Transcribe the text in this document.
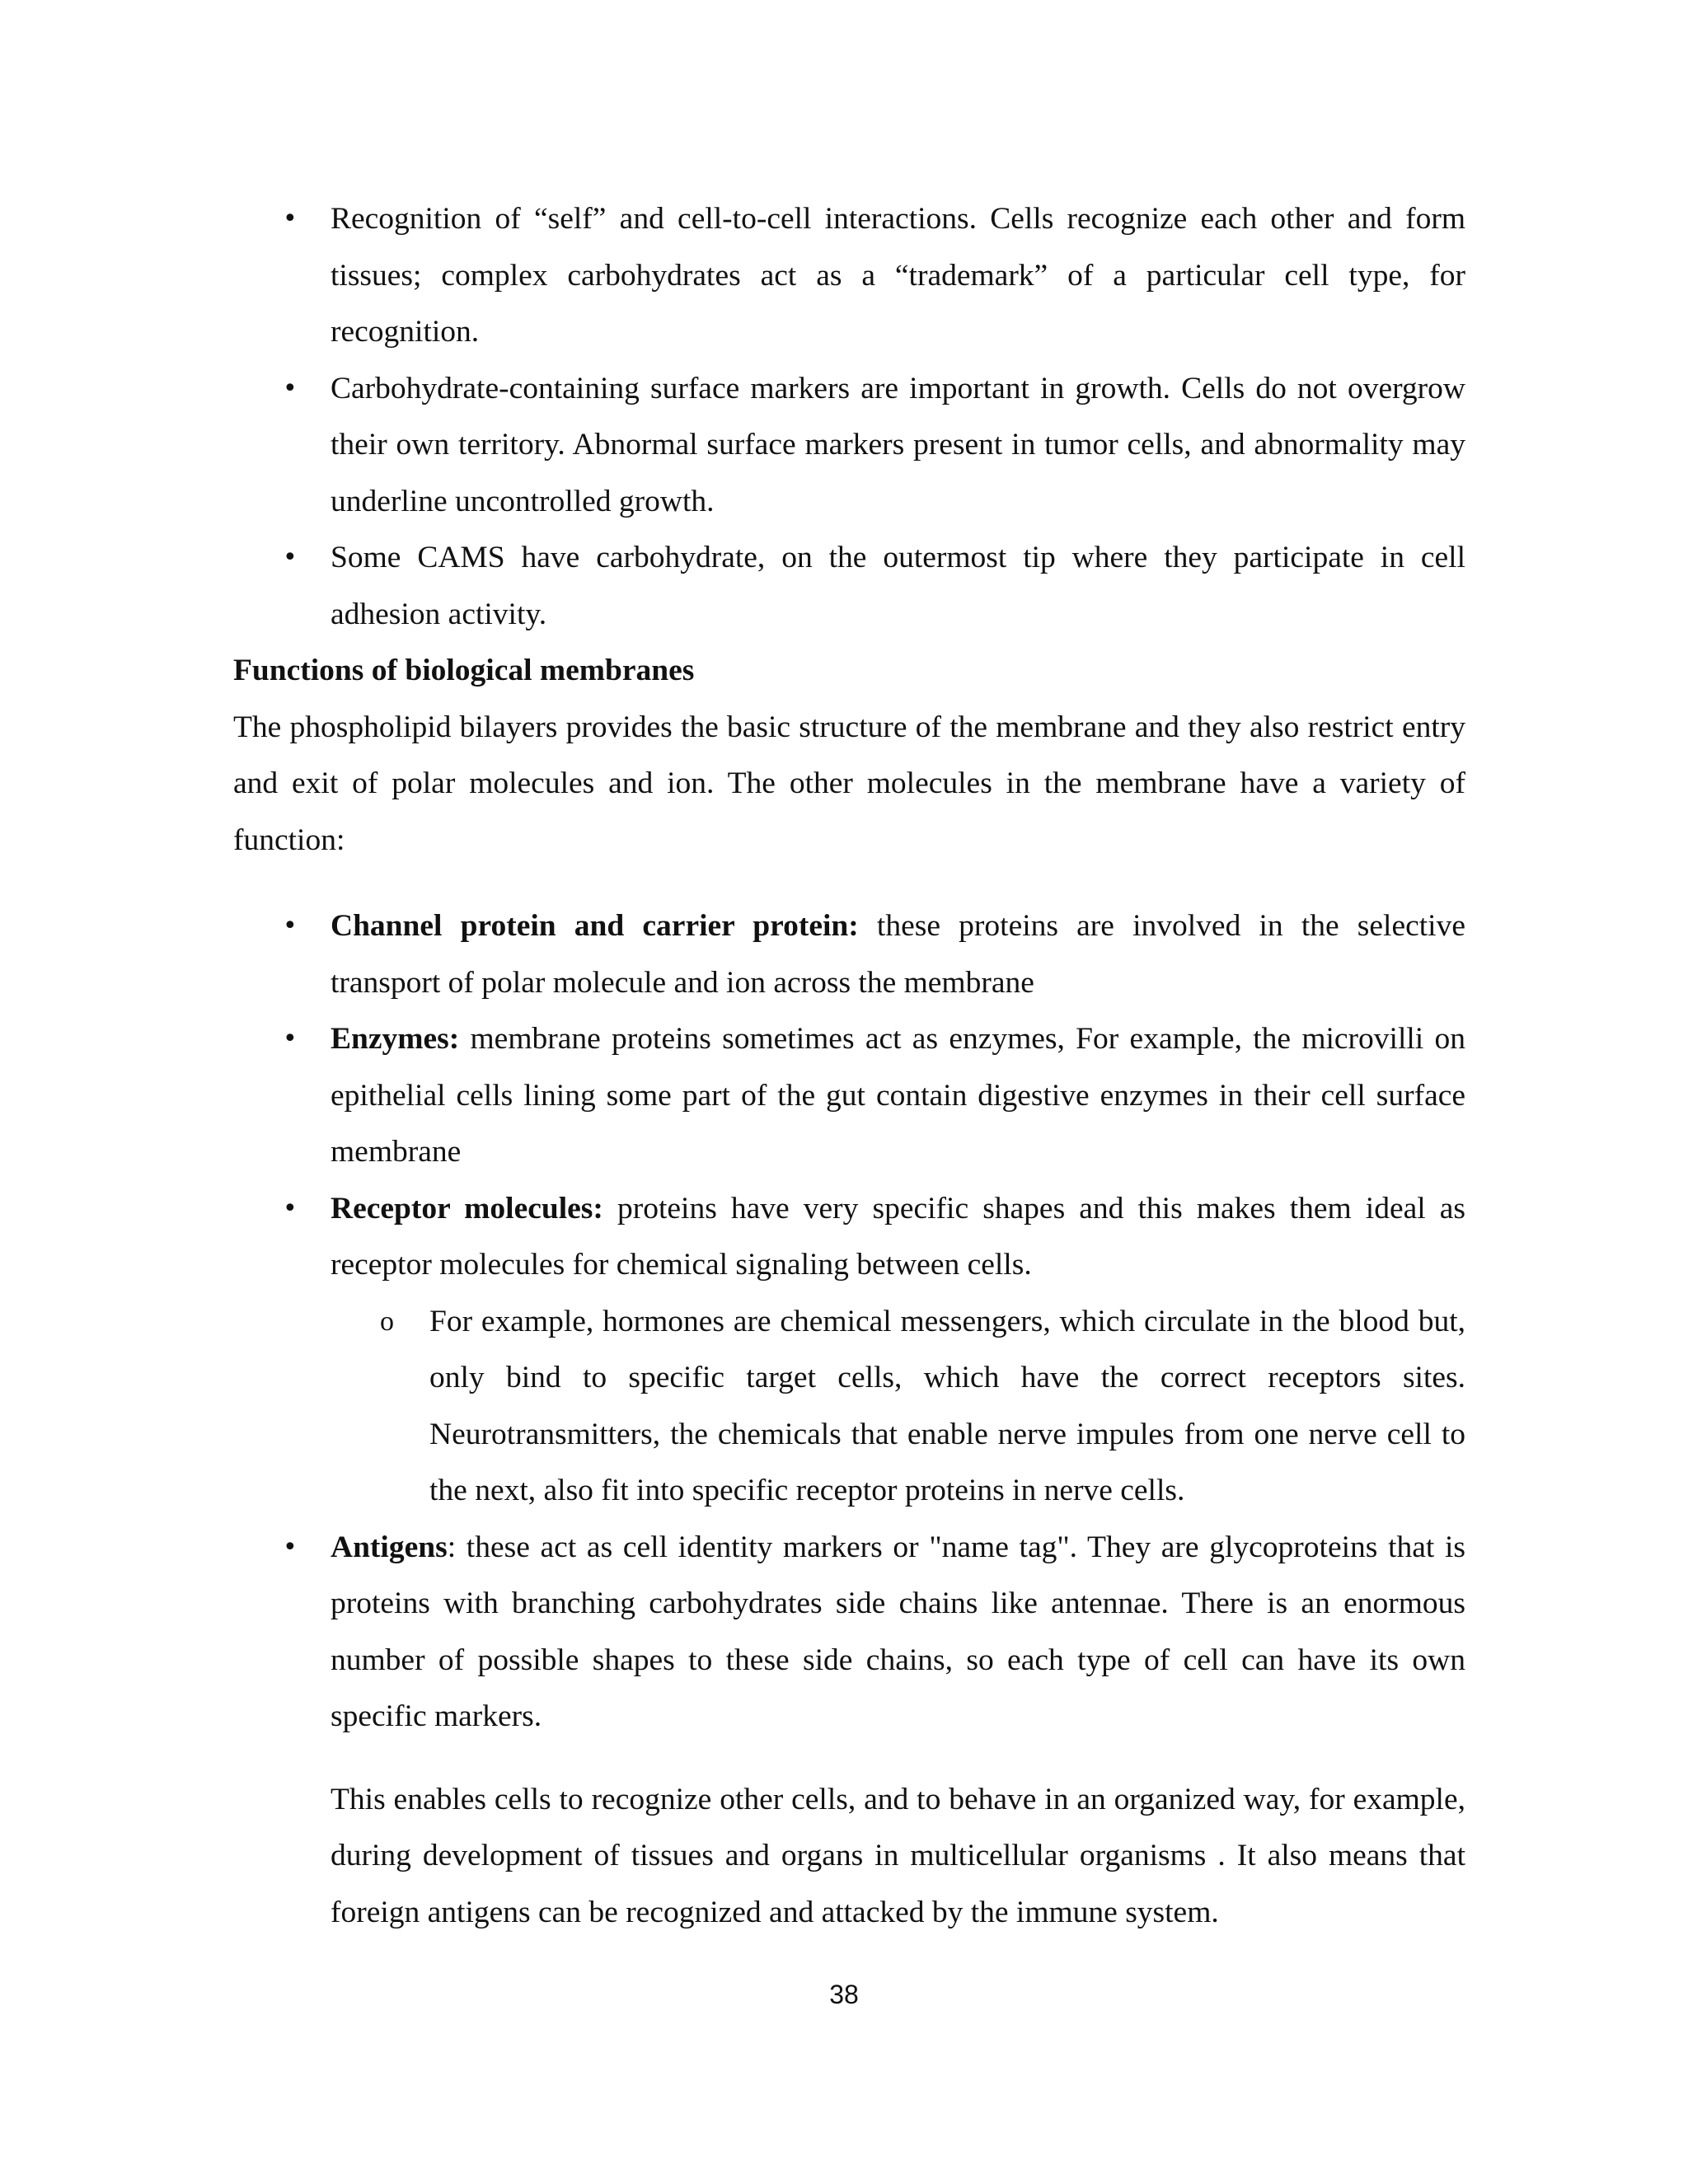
•	Recognition of “self” and cell-to-cell interactions. Cells recognize each other and form tissues; complex carbohydrates act as a “trademark” of a particular cell type, for recognition.
•	Carbohydrate-containing surface markers are important in growth. Cells do not overgrow their own territory. Abnormal surface markers present in tumor cells, and abnormality may underline uncontrolled growth.
•	Some CAMS have carbohydrate, on the outermost tip where they participate in cell adhesion activity.

Functions of biological membranes

The phospholipid bilayers provides the basic structure of the membrane and they also restrict entry and exit of polar molecules and ion. The other molecules in the membrane have a variety of function:

•	Channel protein and carrier protein: these proteins are involved in the selective transport of polar molecule and ion across the membrane
•	Enzymes: membrane proteins sometimes act as enzymes, For example, the microvilli on epithelial cells lining some part of the gut contain digestive enzymes in their cell surface membrane
•	Receptor molecules: proteins have very specific shapes and this makes them ideal as receptor molecules for chemical signaling between cells.
o	For example, hormones are chemical messengers, which circulate in the blood but, only bind to specific target cells, which have the correct receptors sites. Neurotransmitters, the chemicals that enable nerve impules from one nerve cell to the next, also fit into specific receptor proteins in nerve cells.
•	Antigens: these act as cell identity markers or "name tag". They are glycoproteins that is proteins with branching carbohydrates side chains like antennae. There is an enormous number of possible shapes to these side chains, so each type of cell can have its own specific markers.

This enables cells to recognize other cells, and to behave in an organized way, for example, during development of tissues and organs in multicellular organisms . It also means that foreign antigens can be recognized and attacked by the immune system.

38
